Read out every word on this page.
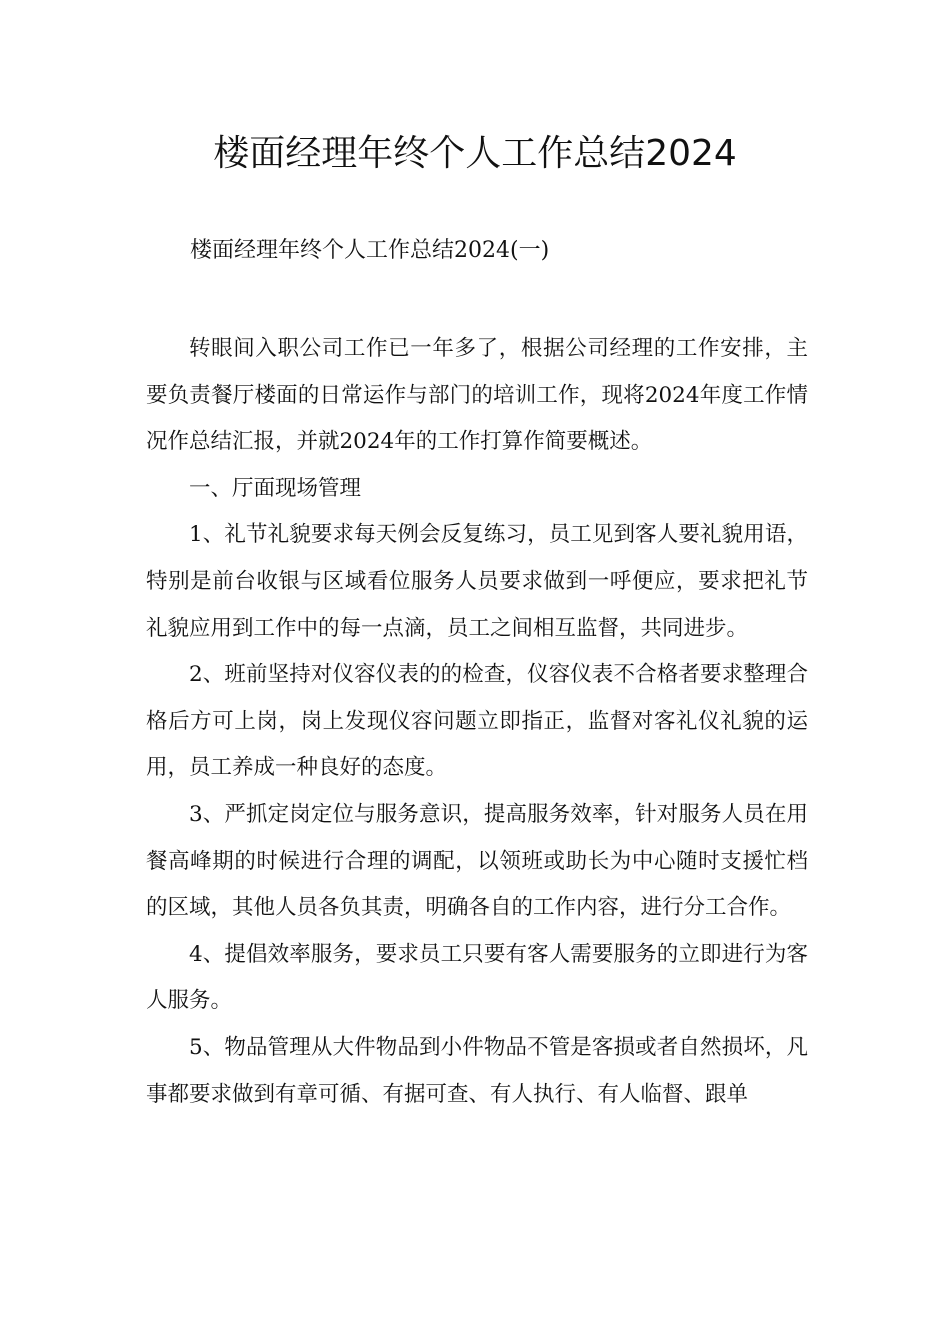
楼面经理年终个人工作总结2024

楼面经理年终个人工作总结2024(一)

转眼间入职公司工作已一年多了，根据公司经理的工作安排，主要负责餐厅楼面的日常运作与部门的培训工作，现将2024年度工作情况作总结汇报，并就2024年的工作打算作简要概述。

一、厅面现场管理

1、礼节礼貌要求每天例会反复练习，员工见到客人要礼貌用语，特别是前台收银与区域看位服务人员要求做到一呼便应，要求把礼节礼貌应用到工作中的每一点滴，员工之间相互监督，共同进步。

2、班前坚持对仪容仪表的的检查，仪容仪表不合格者要求整理合格后方可上岗，岗上发现仪容问题立即指正，监督对客礼仪礼貌的运用，员工养成一种良好的态度。

3、严抓定岗定位与服务意识，提高服务效率，针对服务人员在用餐高峰期的时候进行合理的调配，以领班或助长为中心随时支援忙档的区域，其他人员各负其责，明确各自的工作内容，进行分工合作。

4、提倡效率服务，要求员工只要有客人需要服务的立即进行为客人服务。

5、物品管理从大件物品到小件物品不管是客损或者自然损坏，凡事都要求做到有章可循、有据可查、有人执行、有人临督、跟单
